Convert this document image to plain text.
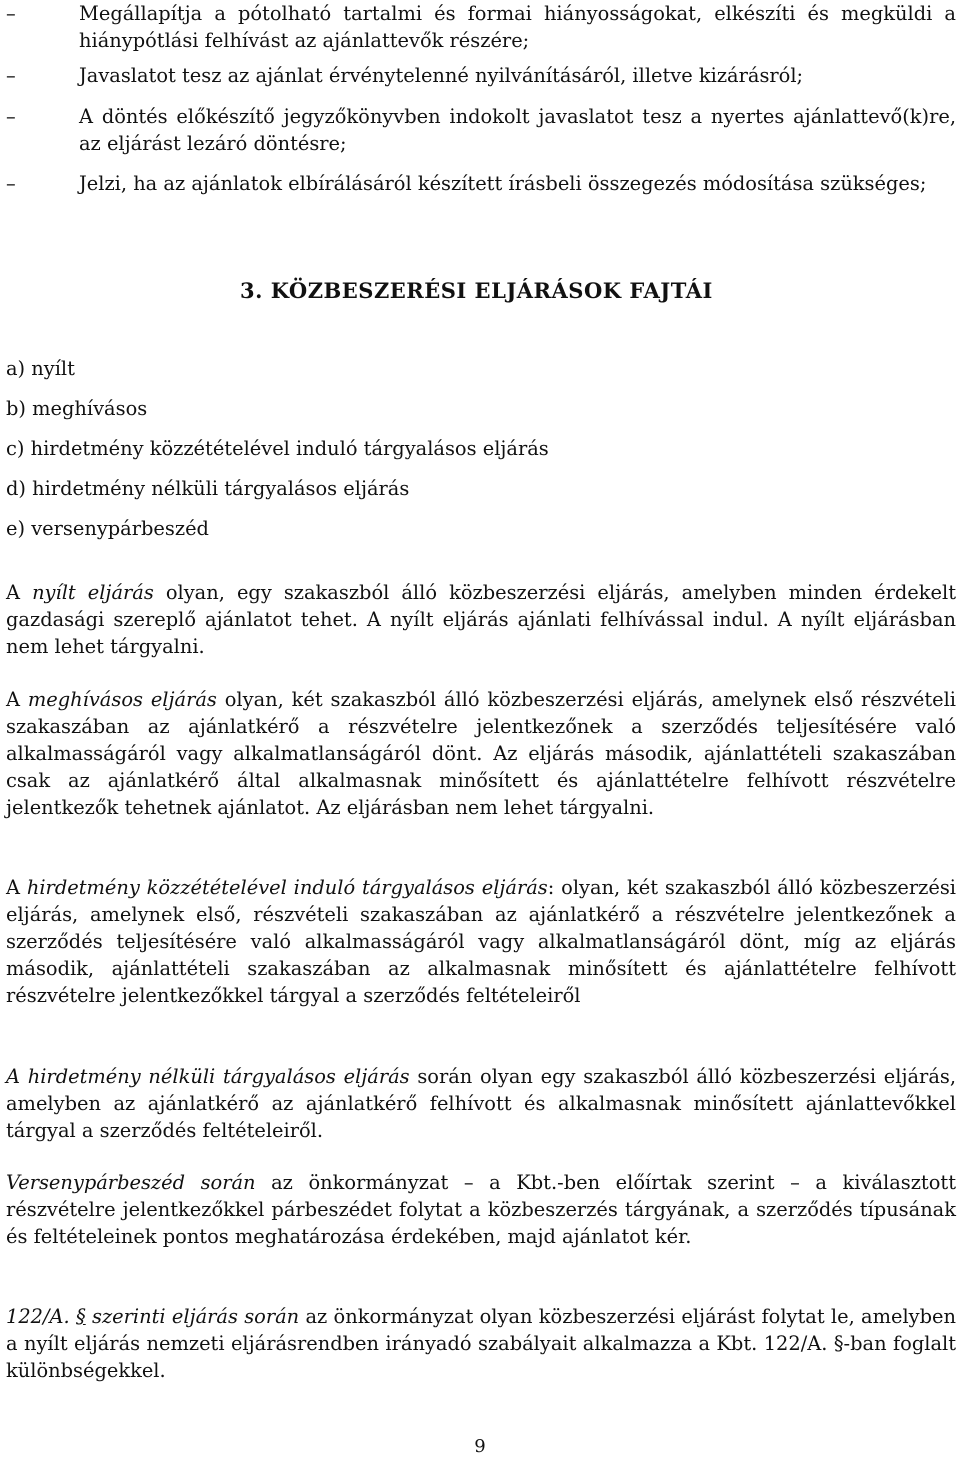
–	Megállapítja a pótolható tartalmi és formai hiányosságokat, elkészíti és megküldi a hiánypótlási felhívást az ajánlattevők részére;
–	Javaslatot tesz az ajánlat érvénytelenné nyilvánításáról, illetve kizárásról;
–	A döntés előkészítő jegyzőkönyvben indokolt javaslatot tesz a nyertes ajánlattevő(k)re, az eljárást lezáró döntésre;
–	Jelzi, ha az ajánlatok elbírálásáról készített írásbeli összegezés módosítása szükséges;
3. KÖZBESZERÉSI ELJÁRÁSOK FAJTÁI
a) nyílt
b) meghívásos
c) hirdetmény közzétételével induló tárgyalásos eljárás
d) hirdetmény nélküli tárgyalásos eljárás
e) versenypárbeszéd
A nyílt eljárás olyan, egy szakaszból álló közbeszerzési eljárás, amelyben minden érdekelt gazdasági szereplő ajánlatot tehet. A nyílt eljárás ajánlati felhívással indul. A nyílt eljárásban nem lehet tárgyalni.
A meghívásos eljárás olyan, két szakaszból álló közbeszerzési eljárás, amelynek első részvételi szakaszában az ajánlatkérő a részvételre jelentkezőnek a szerződés teljesítésére való alkalmasságáról vagy alkalmatlanságáról dönt. Az eljárás második, ajánlattételi szakaszában csak az ajánlatkérő által alkalmasnak minősített és ajánlattételre felhívott részvételre jelentkezők tehetnek ajánlatot. Az eljárásban nem lehet tárgyalni.
A hirdetmény közzétételével induló tárgyalásos eljárás: olyan, két szakaszból álló közbeszerzési eljárás, amelynek első, részvételi szakaszában az ajánlatkérő a részvételre jelentkezőnek a szerződés teljesítésére való alkalmasságáról vagy alkalmatlanságáról dönt, míg az eljárás második, ajánlattételi szakaszában az alkalmasnak minősített és ajánlattételre felhívott részvételre jelentkezőkkel tárgyal a szerződés feltételeiről
A hirdetmény nélküli tárgyalásos eljárás során olyan egy szakaszból álló közbeszerzési eljárás, amelyben az ajánlatkérő az ajánlatkérő felhívott és alkalmasnak minősített ajánlattevőkkel tárgyal a szerződés feltételeiről.
Versenypárbeszéd során az önkormányzat – a Kbt.-ben előírtak szerint – a kiválasztott részvételre jelentkezőkkel párbeszédet folytat a közbeszerzés tárgyának, a szerződés típusának és feltételeinek pontos meghatározása érdekében, majd ajánlatot kér.
122/A. § szerinti eljárás során az önkormányzat olyan közbeszerzési eljárást folytat le, amelyben a nyílt eljárás nemzeti eljárásrendben irányadó szabályait alkalmazza a Kbt. 122/A. §-ban foglalt különbségekkel.
9
